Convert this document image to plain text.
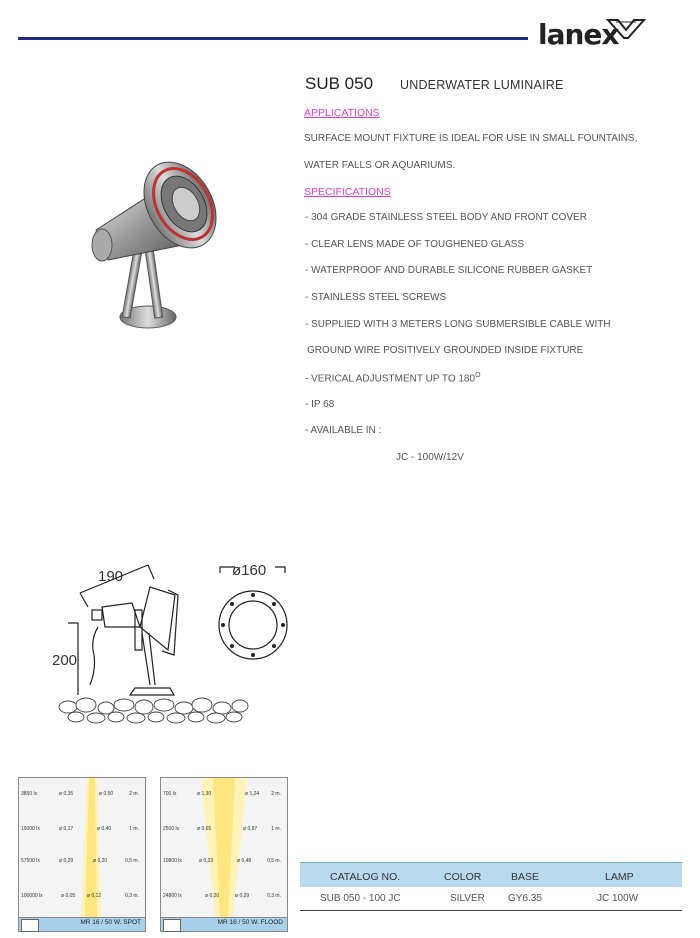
lanex
SUB 050 UNDERWATER LUMINAIRE
APPLICATIONS
SURFACE MOUNT FIXTURE IS IDEAL FOR USE IN SMALL FOUNTAINS,
WATER FALLS OR AQUARIUMS.
SPECIFICATIONS
- 304 GRADE STAINLESS STEEL BODY AND FRONT COVER
- CLEAR LENS MADE OF TOUGHENED GLASS
- WATERPROOF AND DURABLE SILICONE RUBBER GASKET
- STAINLESS STEEL SCREWS
- SUPPLIED WITH 3 METERS LONG SUBMERSIBLE CABLE WITH
GROUND WIRE POSITIVELY GROUNDED INSIDE FIXTURE
- VERICAL ADJUSTMENT UP TO $180^O$
- IP 68
- AVAILABLE IN :
JC - 100W/12V
190
200
ø160
3850 lx	ø 0,35	ø 0,50	2 m.
15000 lx	ø 0,17	ø 0,40	1 m.
57500 lx	ø 0,29	ø 0,20	0,5 m.
100000 lx	ø 0,05 ø 0,12	0,3 m.
MR 16 / 50 W. SPOT
700 lx	ø 1,30	ø 1,24 2 m.
2500 lx	ø 0,65	ø 0,97	1 m.
10800 lx	ø 0,33	ø 0,48	0,5 m.
24800 lx	ø 0,20	ø 0,29	0,3 m.
MR 16 / 50 W. FLOOD
CATALOG NO.	COLOR	BASE	LAMP
SUB 050 - 100 JC	SILVER GY6.35	JC 100W
